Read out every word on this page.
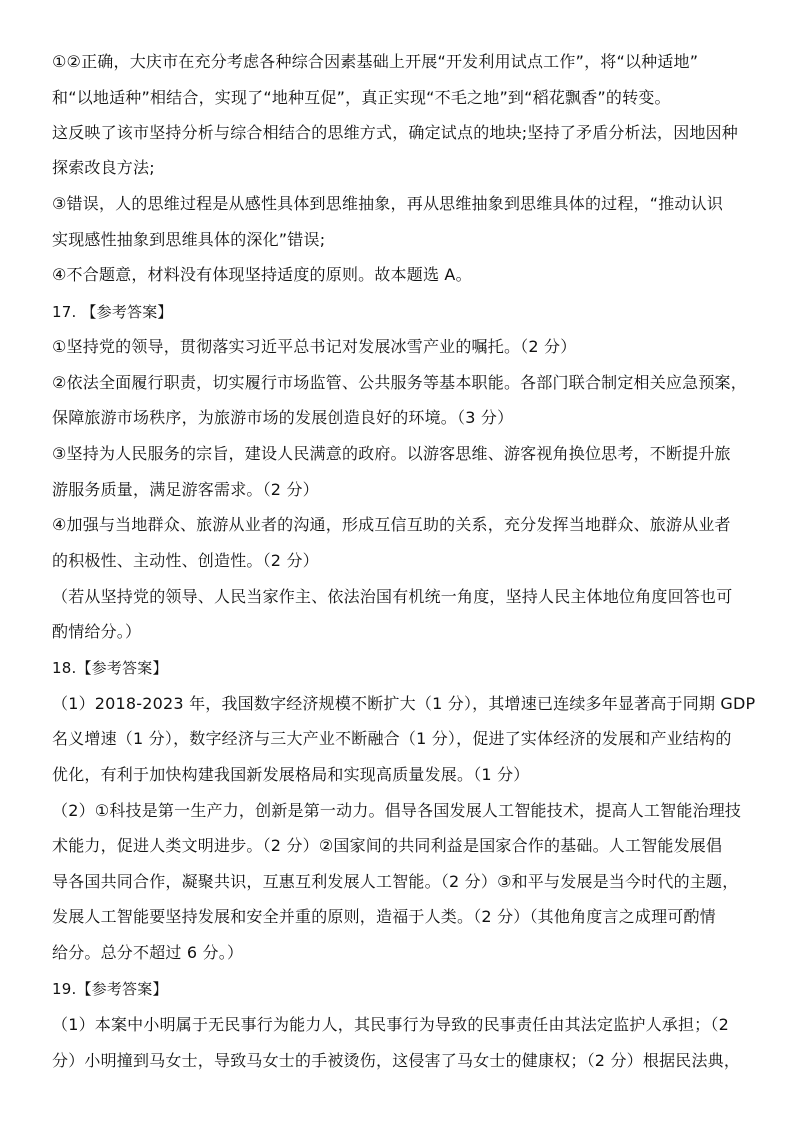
①②正确，大庆市在充分考虑各种综合因素基础上开展“开发利用试点工作”，将“以种适地”
和“以地适种”相结合，实现了“地种互促”，真正实现“不毛之地”到“稻花飘香”的转变。
这反映了该市坚持分析与综合相结合的思维方式，确定试点的地块;坚持了矛盾分析法，因地因种
探索改良方法;
③错误，人的思维过程是从感性具体到思维抽象，再从思维抽象到思维具体的过程，“推动认识
实现感性抽象到思维具体的深化”错误;
④不合题意，材料没有体现坚持适度的原则。故本题选 A。
17. 【参考答案】
①坚持党的领导，贯彻落实习近平总书记对发展冰雪产业的嘱托。（2 分）
②依法全面履行职责，切实履行市场监管、公共服务等基本职能。各部门联合制定相关应急预案，
保障旅游市场秩序，为旅游市场的发展创造良好的环境。（3 分）
③坚持为人民服务的宗旨，建设人民满意的政府。以游客思维、游客视角换位思考，不断提升旅
游服务质量，满足游客需求。（2 分）
④加强与当地群众、旅游从业者的沟通，形成互信互助的关系，充分发挥当地群众、旅游从业者
的积极性、主动性、创造性。（2 分）
（若从坚持党的领导、人民当家作主、依法治国有机统一角度，坚持人民主体地位角度回答也可
酌情给分。）
18.【参考答案】
（1）2018-2023 年，我国数字经济规模不断扩大（1 分），其增速已连续多年显著高于同期 GDP
名义增速（1 分），数字经济与三大产业不断融合（1 分），促进了实体经济的发展和产业结构的
优化，有利于加快构建我国新发展格局和实现高质量发展。（1 分）
（2）①科技是第一生产力，创新是第一动力。倡导各国发展人工智能技术，提高人工智能治理技
术能力，促进人类文明进步。（2 分）②国家间的共同利益是国家合作的基础。人工智能发展倡
导各国共同合作，凝聚共识，互惠互利发展人工智能。（2 分）③和平与发展是当今时代的主题，
发展人工智能要坚持发展和安全并重的原则，造福于人类。（2 分）（其他角度言之成理可酌情
给分。总分不超过 6 分。）
19.【参考答案】
（1）本案中小明属于无民事行为能力人，其民事行为导致的民事责任由其法定监护人承担；（2
分）小明撞到马女士，导致马女士的手被烫伤，这侵害了马女士的健康权；（2 分）根据民法典，
